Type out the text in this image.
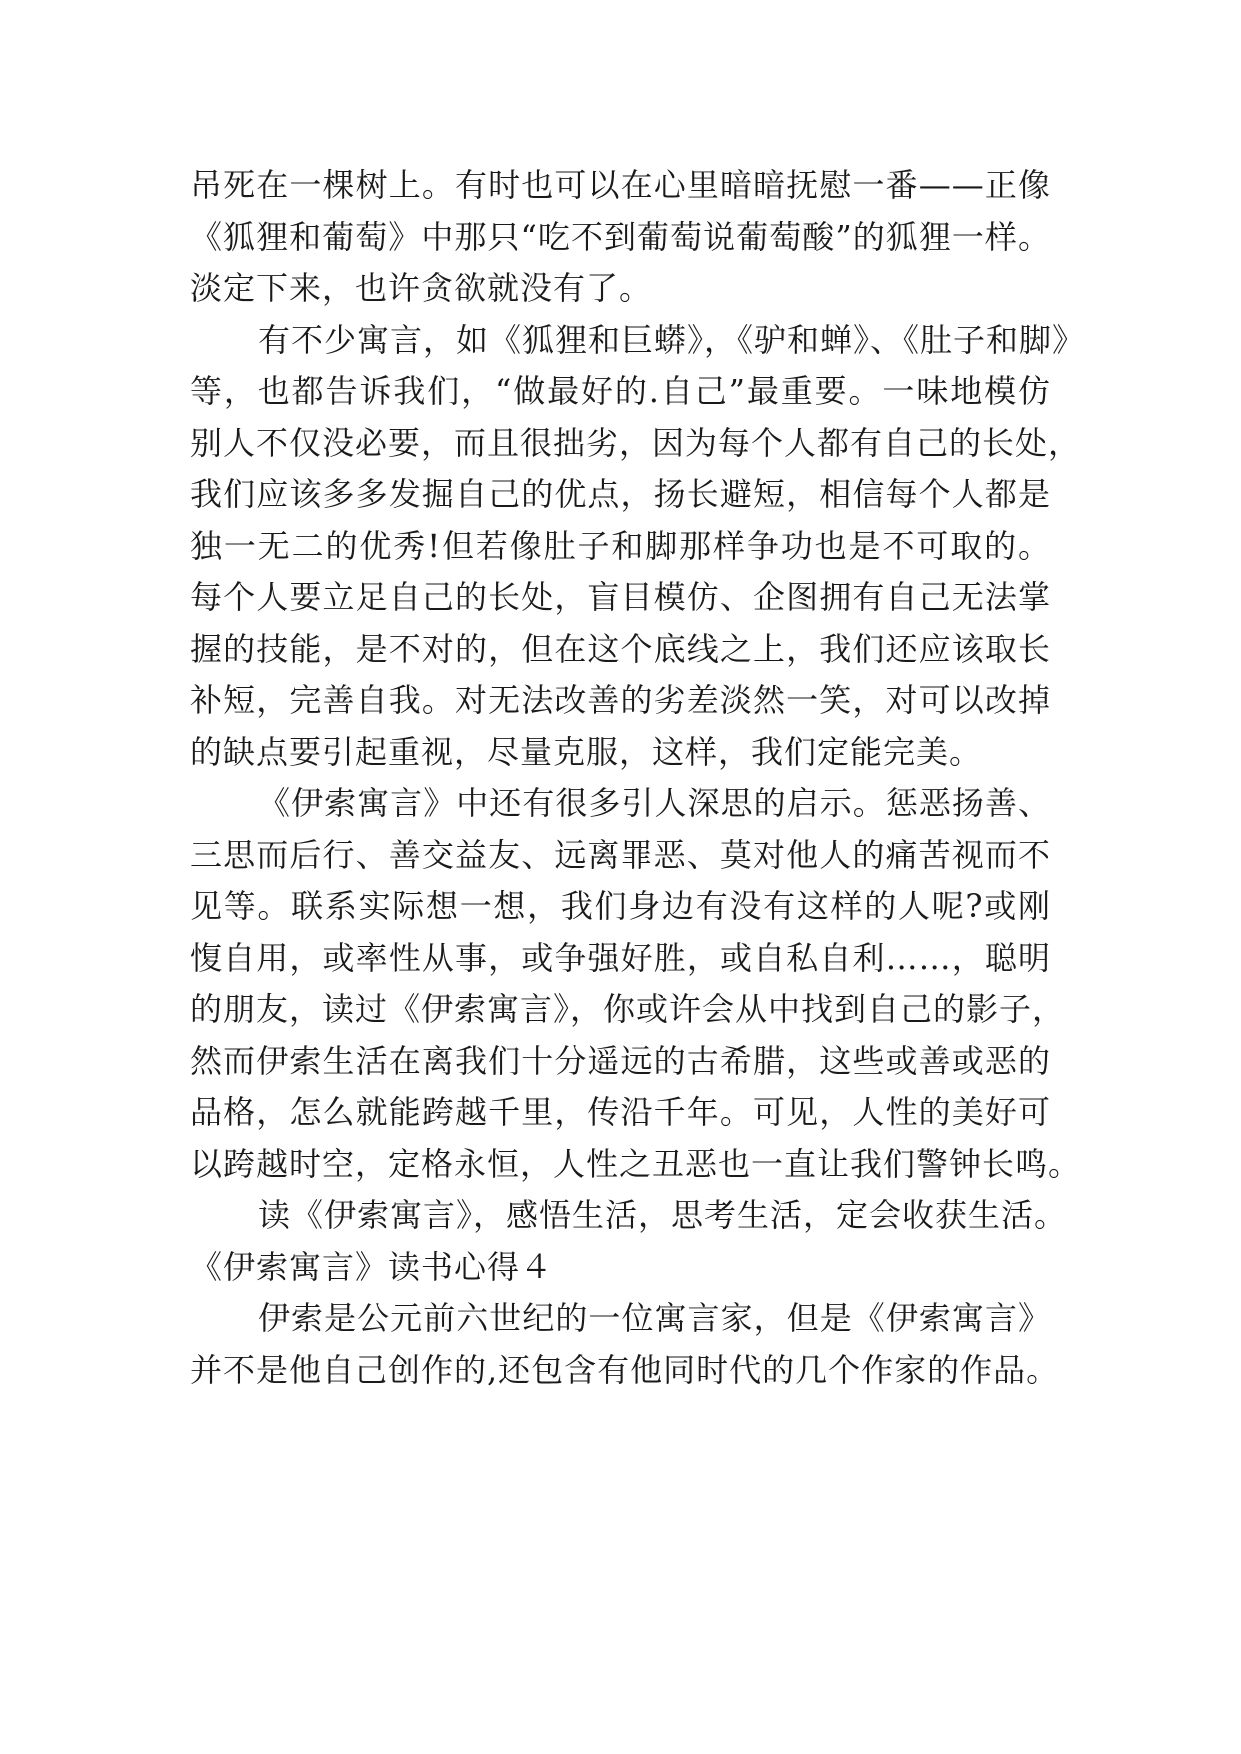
吊死在一棵树上。有时也可以在心里暗暗抚慰一番——正像
《狐狸和葡萄》中那只“吃不到葡萄说葡萄酸”的狐狸一样。
淡定下来，也许贪欲就没有了。
有不少寓言，如《狐狸和巨蟒》，《驴和蝉》、《肚子和脚》
等，也都告诉我们，“做最好的.自己”最重要。一味地模仿
别人不仅没必要，而且很拙劣，因为每个人都有自己的长处，
我们应该多多发掘自己的优点，扬长避短，相信每个人都是
独一无二的优秀!但若像肚子和脚那样争功也是不可取的。
每个人要立足自己的长处，盲目模仿、企图拥有自己无法掌
握的技能，是不对的，但在这个底线之上，我们还应该取长
补短，完善自我。对无法改善的劣差淡然一笑，对可以改掉
的缺点要引起重视，尽量克服，这样，我们定能完美。
《伊索寓言》中还有很多引人深思的启示。惩恶扬善、
三思而后行、善交益友、远离罪恶、莫对他人的痛苦视而不
见等。联系实际想一想，我们身边有没有这样的人呢?或刚
愎自用，或率性从事，或争强好胜，或自私自利……，聪明
的朋友，读过《伊索寓言》，你或许会从中找到自己的影子，
然而伊索生活在离我们十分遥远的古希腊，这些或善或恶的
品格，怎么就能跨越千里，传沿千年。可见，人性的美好可
以跨越时空，定格永恒，人性之丑恶也一直让我们警钟长鸣。
读《伊索寓言》，感悟生活，思考生活，定会收获生活。
《伊索寓言》读书心得４
伊索是公元前六世纪的一位寓言家，但是《伊索寓言》
并不是他自己创作的,还包含有他同时代的几个作家的作品。
